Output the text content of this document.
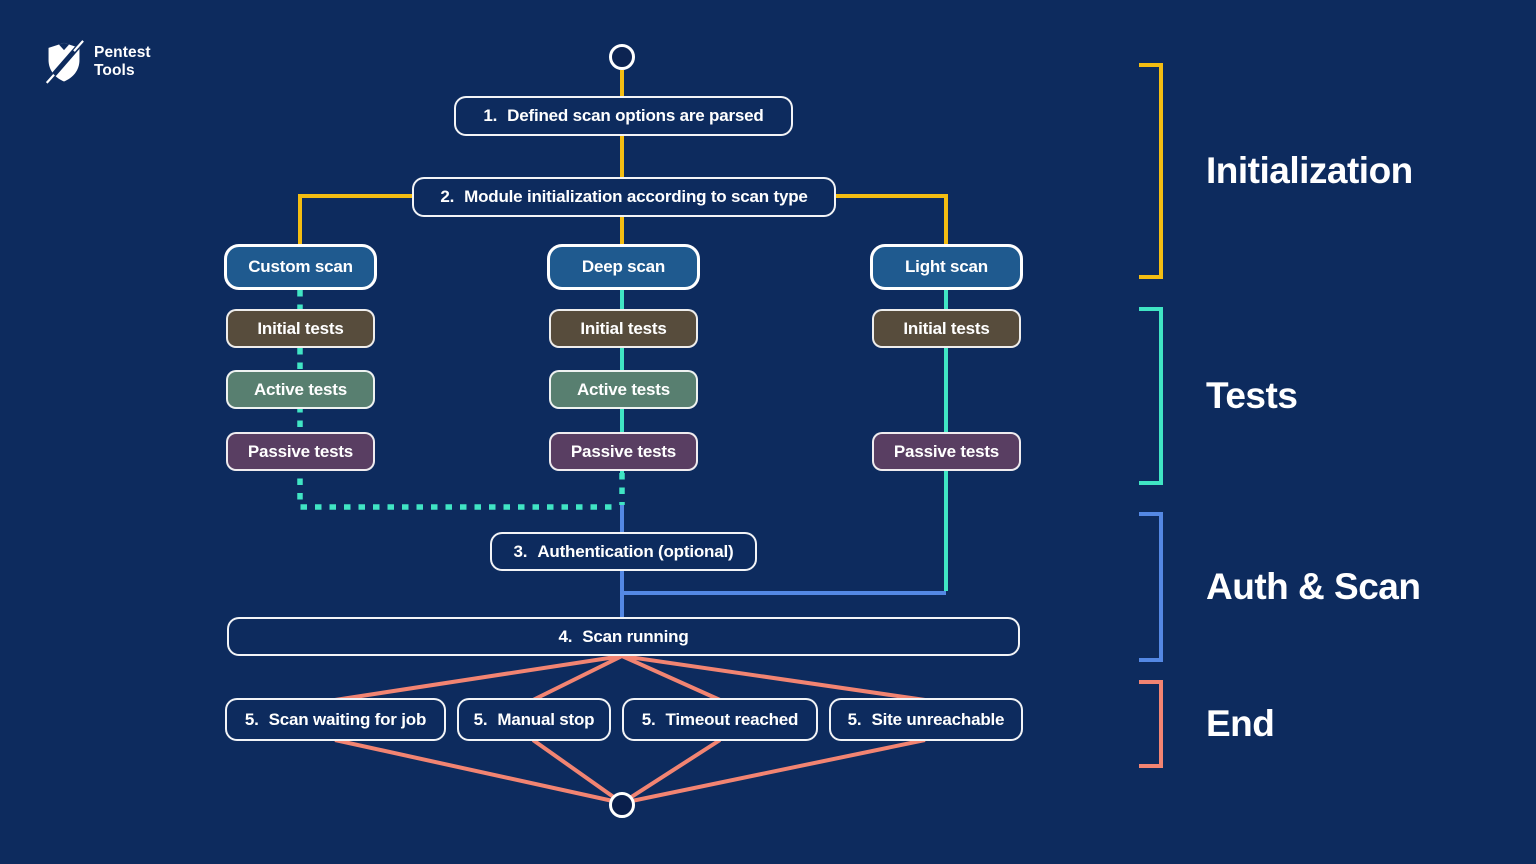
Pentest
Tools
1. Defined scan options are parsed
2. Module initialization according to scan type
Custom scan	Deep scan	Light scan
Initial tests	Initial tests	Initial tests
Active tests	Active tests
Passive tests	Passive tests	Passive tests
3. Authentication (optional)
4. Scan running
5. Scan waiting for job	5. Manual stop	5. Timeout reached	5. Site unreachable
Initialization
Tests
Auth & Scan
End
